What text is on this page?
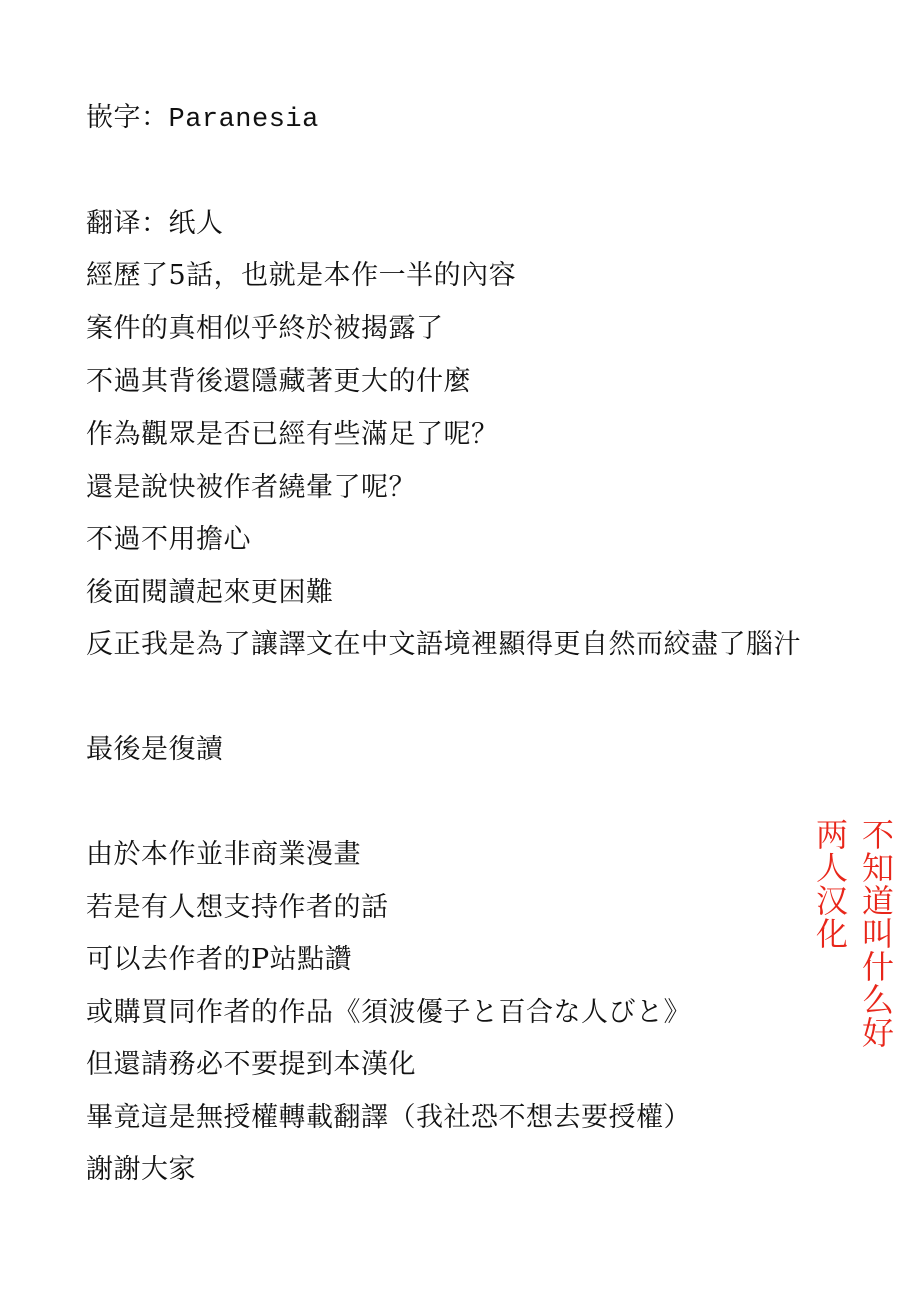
嵌字：Paranesia
翻译：纸人
經歷了5話，也就是本作一半的內容
案件的真相似乎終於被揭露了
不過其背後還隱藏著更大的什麼
作為觀眾是否已經有些滿足了呢？
還是說快被作者繞暈了呢？
不過不用擔心
後面閱讀起來更困難
反正我是為了讓譯文在中文語境裡顯得更自然而絞盡了腦汁
最後是復讀
由於本作並非商業漫畫
若是有人想支持作者的話
可以去作者的P站點讚
或購買同作者的作品《須波優子と百合な人びと》
但還請務必不要提到本漢化
畢竟這是無授權轉載翻譯（我社恐不想去要授權）
謝謝大家
不知道叫什么好
两人汉化
